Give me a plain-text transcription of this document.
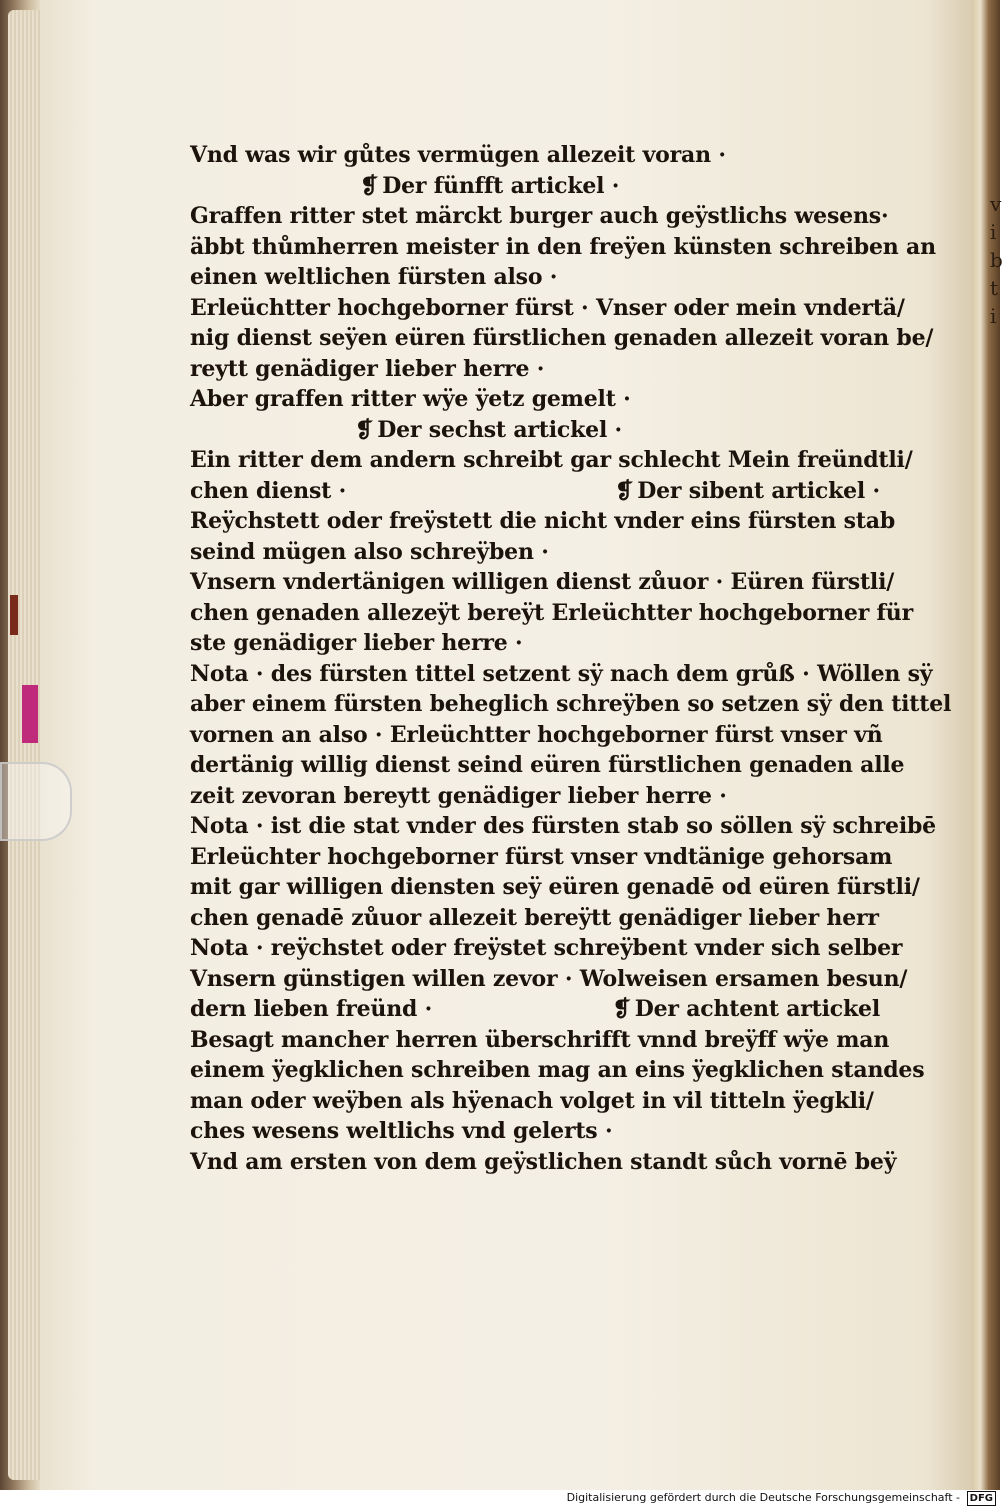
v
i
b
t
i
Vnd was wir gůtes vermügen allezeit voran ·
❡ Der fünfft artickel ·
Graffen ritter stet märckt burger auch geÿstlichs wesens·
äbbt thůmherren meister in den freÿen künsten schreiben an
einen weltlichen fürsten also ·
Erleüchtter hochgeborner fürst · Vnser oder mein vndertä/
nig dienst seÿen eüren fürstlichen genaden allezeit voran be/
reytt genädiger lieber herre ·
Aber graffen ritter wÿe ÿetz gemelt ·
❡ Der sechst artickel ·
Ein ritter dem andern schreibt gar schlecht Mein freündtli/
chen dienst ·	❡ Der sibent artickel ·
Reÿchstett oder freÿstett die nicht vnder eins fürsten stab
seind mügen also schreÿben ·
Vnsern vndertänigen willigen dienst zůuor · Eüren fürstli/
chen genaden allezeÿt bereÿt Erleüchtter hochgeborner für
ste genädiger lieber herre ·
Nota · des fürsten tittel setzent sÿ nach dem grůß · Wöllen sÿ
aber einem fürsten beheglich schreÿben so setzen sÿ den tittel
vornen an also · Erleüchtter hochgeborner fürst vnser vñ
dertänig willig dienst seind eüren fürstlichen genaden alle
zeit zevoran bereytt genädiger lieber herre ·
Nota · ist die stat vnder des fürsten stab so söllen sÿ schreibē
Erleüchter hochgeborner fürst vnser vndtänige gehorsam
mit gar willigen diensten seÿ eüren genadē od eüren fürstli/
chen genadē zůuor allezeit bereÿtt genädiger lieber herr
Nota · reÿchstet oder freÿstet schreÿbent vnder sich selber
Vnsern günstigen willen zevor · Wolweisen ersamen besun/
dern lieben freünd ·	❡ Der achtent artickel
Besagt mancher herren überschrifft vnnd breÿff wÿe man
einem ÿegklichen schreiben mag an eins ÿegklichen standes
man oder weÿben als hÿenach volget in vil titteln ÿegkli/
ches wesens weltlichs vnd gelerts ·
Vnd am ersten von dem geÿstlichen standt sůch vornē beÿ
Digitalisierung gefördert durch die Deutsche Forschungsgemeinschaft - DFG
